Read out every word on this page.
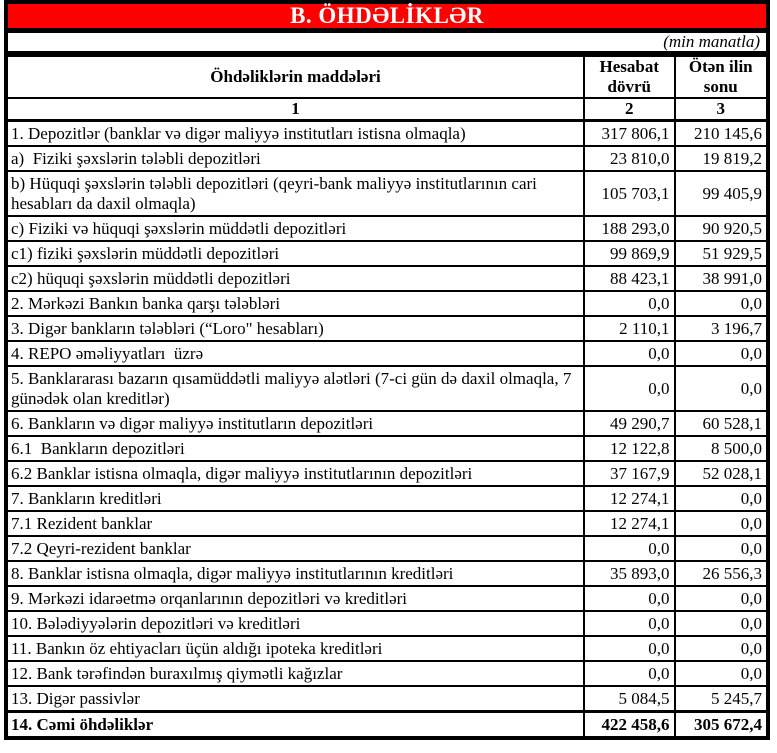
B. ÖHDƏLİKLƏR		
(min manatla)		
Öhdəliklərin maddələri	Hesabat dövrü	Ötən ilin sonu
1	2	3
1. Depozitlər (banklar və digər maliyyə institutları istisna olmaqla)	317 806,1	210 145,6
a)  Fiziki şəxslərin tələbli depozitləri	23 810,0	19 819,2
b) Hüquqi şəxslərin tələbli depozitləri (qeyri-bank maliyyə institutlarının cari hesabları da daxil olmaqla)	105 703,1	99 405,9
c) Fiziki və hüquqi şəxslərin müddətli depozitləri	188 293,0	90 920,5
c1) fiziki şəxslərin müddətli depozitləri	99 869,9	51 929,5
c2) hüquqi şəxslərin müddətli depozitləri	88 423,1	38 991,0
2. Mərkəzi Bankın banka qarşı tələbləri	0,0	0,0
3. Digər bankların tələbləri (“Loro" hesabları)	2 110,1	3 196,7
4. REPO əməliyyatları  üzrə	0,0	0,0
5. Banklararası bazarın qısamüddətli maliyyə alətləri (7-ci gün də daxil olmaqla, 7 günədək olan kreditlər)	0,0	0,0
6. Bankların və digər maliyyə institutların depozitləri	49 290,7	60 528,1
6.1  Bankların depozitləri	12 122,8	8 500,0
6.2 Banklar istisna olmaqla, digər maliyyə institutlarının depozitləri	37 167,9	52 028,1
7. Bankların kreditləri	12 274,1	0,0
7.1 Rezident banklar	12 274,1	0,0
7.2 Qeyri-rezident banklar	0,0	0,0
8. Banklar istisna olmaqla, digər maliyyə institutlarının kreditləri	35 893,0	26 556,3
9. Mərkəzi idarəetmə orqanlarının depozitləri və kreditləri	0,0	0,0
10. Bələdiyyələrin depozitləri və kreditləri	0,0	0,0
11. Bankın öz ehtiyacları üçün aldığı ipoteka kreditləri	0,0	0,0
12. Bank tərəfindən buraxılmış qiymətli kağızlar	0,0	0,0
13. Digər passivlər	5 084,5	5 245,7
14. Cəmi öhdəliklər	422 458,6	305 672,4
